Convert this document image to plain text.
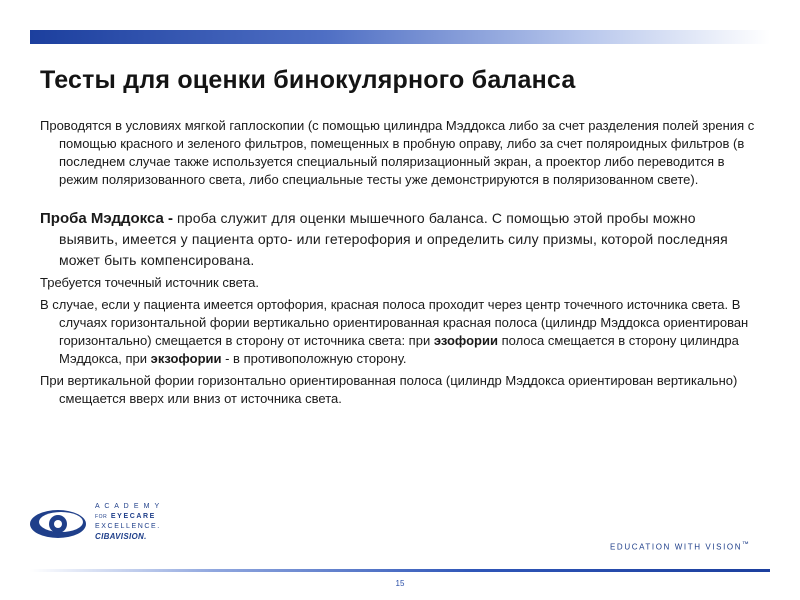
Тесты для оценки бинокулярного баланса

Проводятся в условиях мягкой гаплоскопии (с помощью цилиндра Мэддокса либо за счет разделения полей зрения с помощью красного и зеленого фильтров, помещенных в пробную оправу, либо за счет поляроидных фильтров (в последнем случае также используется специальный поляризационный экран, а проектор либо переводится в режим поляризованного света, либо специальные тесты уже демонстрируются в поляризованном свете).

Проба Мэддокса - проба служит для оценки мышечного баланса. С помощью этой пробы можно выявить, имеется у пациента орто- или гетерофория и определить силу призмы, которой последняя может быть компенсирована.

Требуется точечный источник света.

В случае, если у пациента имеется ортофория, красная полоса проходит через центр точечного источника света. В случаях горизонтальной фории вертикально ориентированная красная полоса (цилиндр Мэддокса ориентирован горизонтально) смещается в сторону от источника света: при эзофории полоса смещается в сторону цилиндра Мэддокса, при экзофории - в противоположную сторону.

При вертикальной фории горизонтально ориентированная полоса (цилиндр Мэддокса ориентирован вертикально) смещается вверх или вниз от источника света.

A C A D E M Y
FOR EYECARE
EXCELLENCE.
CIBAVISION.
EDUCATION WITH VISION™
15
